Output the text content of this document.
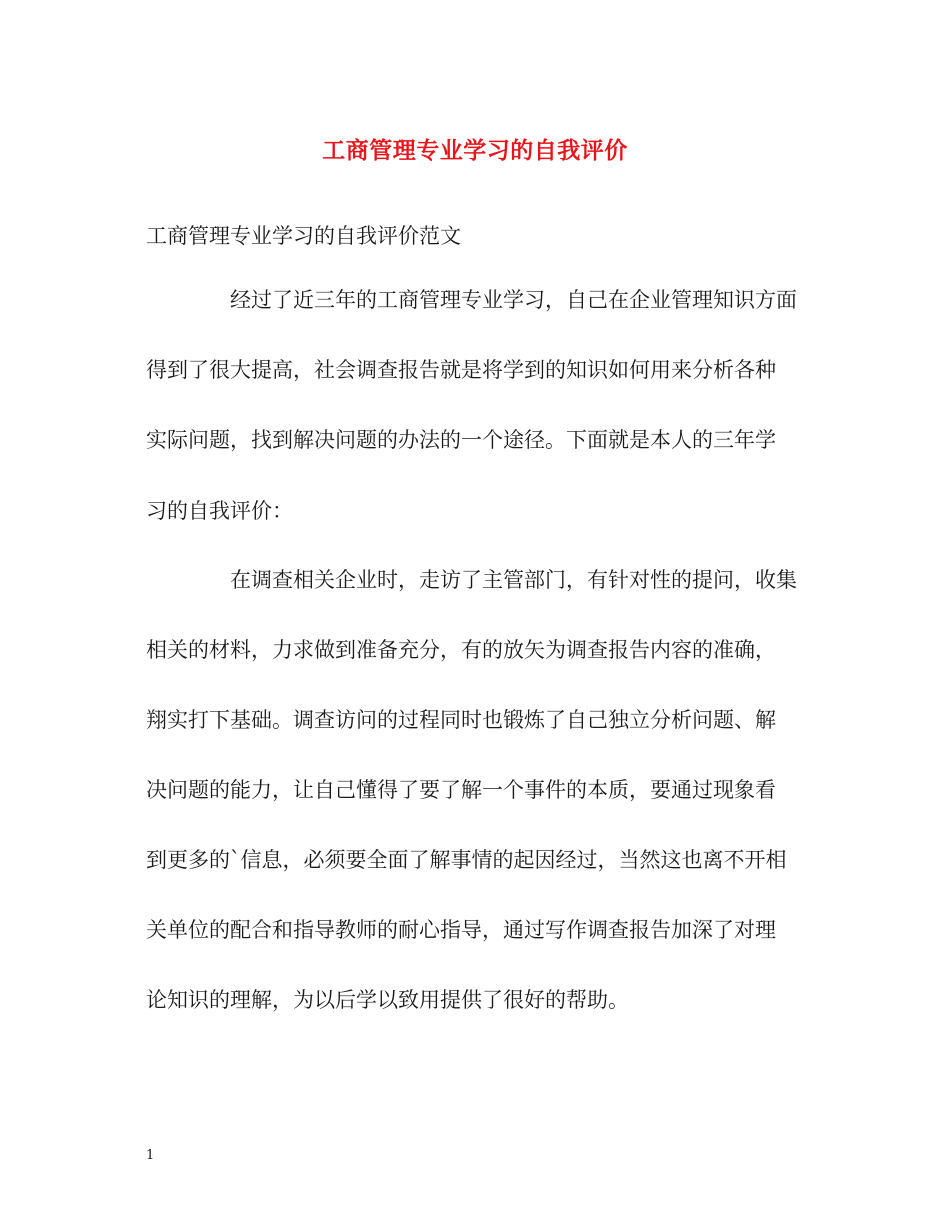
工商管理专业学习的自我评价
工商管理专业学习的自我评价范文
　　　　经过了近三年的工商管理专业学习，自己在企业管理知识方面
得到了很大提高，社会调查报告就是将学到的知识如何用来分析各种
实际问题，找到解决问题的办法的一个途径。下面就是本人的三年学
习的自我评价：
　　　　在调查相关企业时，走访了主管部门，有针对性的提问，收集
相关的材料，力求做到准备充分，有的放矢为调查报告内容的准确，
翔实打下基础。调查访问的过程同时也锻炼了自己独立分析问题、解
决问题的能力，让自己懂得了要了解一个事件的本质，要通过现象看
到更多的`信息，必须要全面了解事情的起因经过，当然这也离不开相
关单位的配合和指导教师的耐心指导，通过写作调查报告加深了对理
论知识的理解，为以后学以致用提供了很好的帮助。
1
